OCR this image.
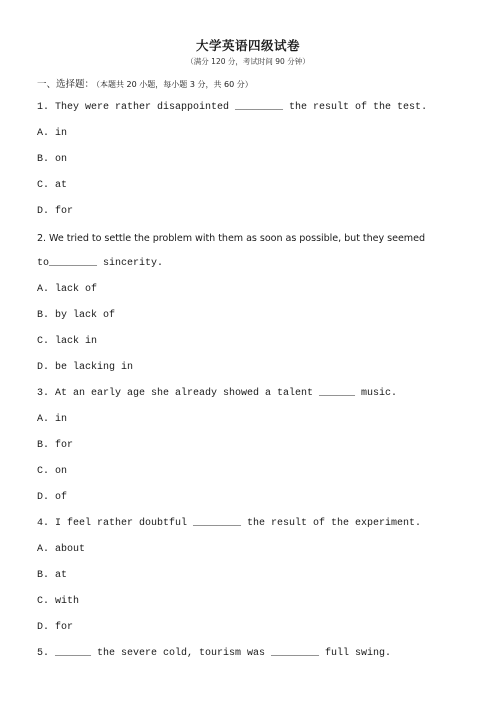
大学英语四级试卷
（满分 120 分，考试时间 90 分钟）
一、选择题： （本题共 20 小题，每小题 3 分，共 60 分）
1. They were rather disappointed ________ the result of the test.
A. in
B. on
C. at
D. for
2. We tried to settle the problem with them as soon as possible, but they seemed
to________ sincerity.
A. lack of
B. by lack of
C. lack in
D. be lacking in
3. At an early age she already showed a talent ______ music.
A. in
B. for
C. on
D. of
4. I feel rather doubtful ________ the result of the experiment.
A. about
B. at
C. with
D. for
5. ______ the severe cold, tourism was ________ full swing.
